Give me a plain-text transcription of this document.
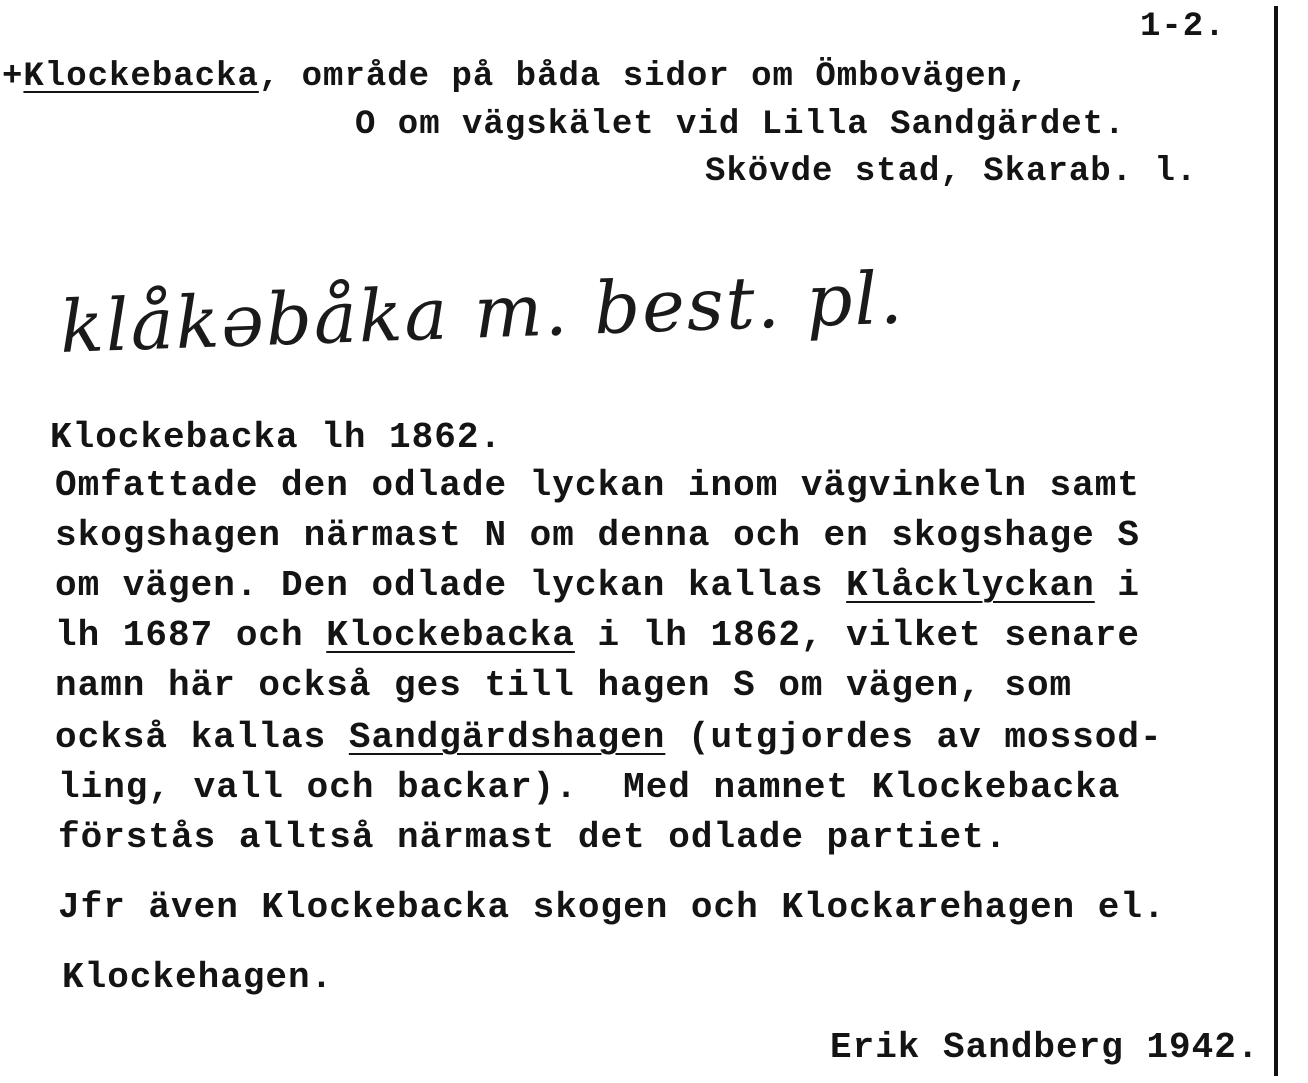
1-2.
+Klockebacka, område på båda sidor om Ömbovägen,
O om vägskälet vid Lilla Sandgärdet.
Skövde stad, Skarab. l.
klåkəbåka m. best. pl.
Klockebacka lh 1862.
Omfattade den odlade lyckan inom vägvinkeln samt
skogshagen närmast N om denna och en skogshage S
om vägen. Den odlade lyckan kallas Klåcklyckan i
lh 1687 och Klockebacka i lh 1862, vilket senare
namn här också ges till hagen S om vägen, som
också kallas Sandgärdshagen (utgjordes av mossod-
ling, vall och backar).  Med namnet Klockebacka
förstås alltså närmast det odlade partiet.
Jfr även Klockebacka skogen och Klockarehagen el.
Klockehagen.
Erik Sandberg 1942.
